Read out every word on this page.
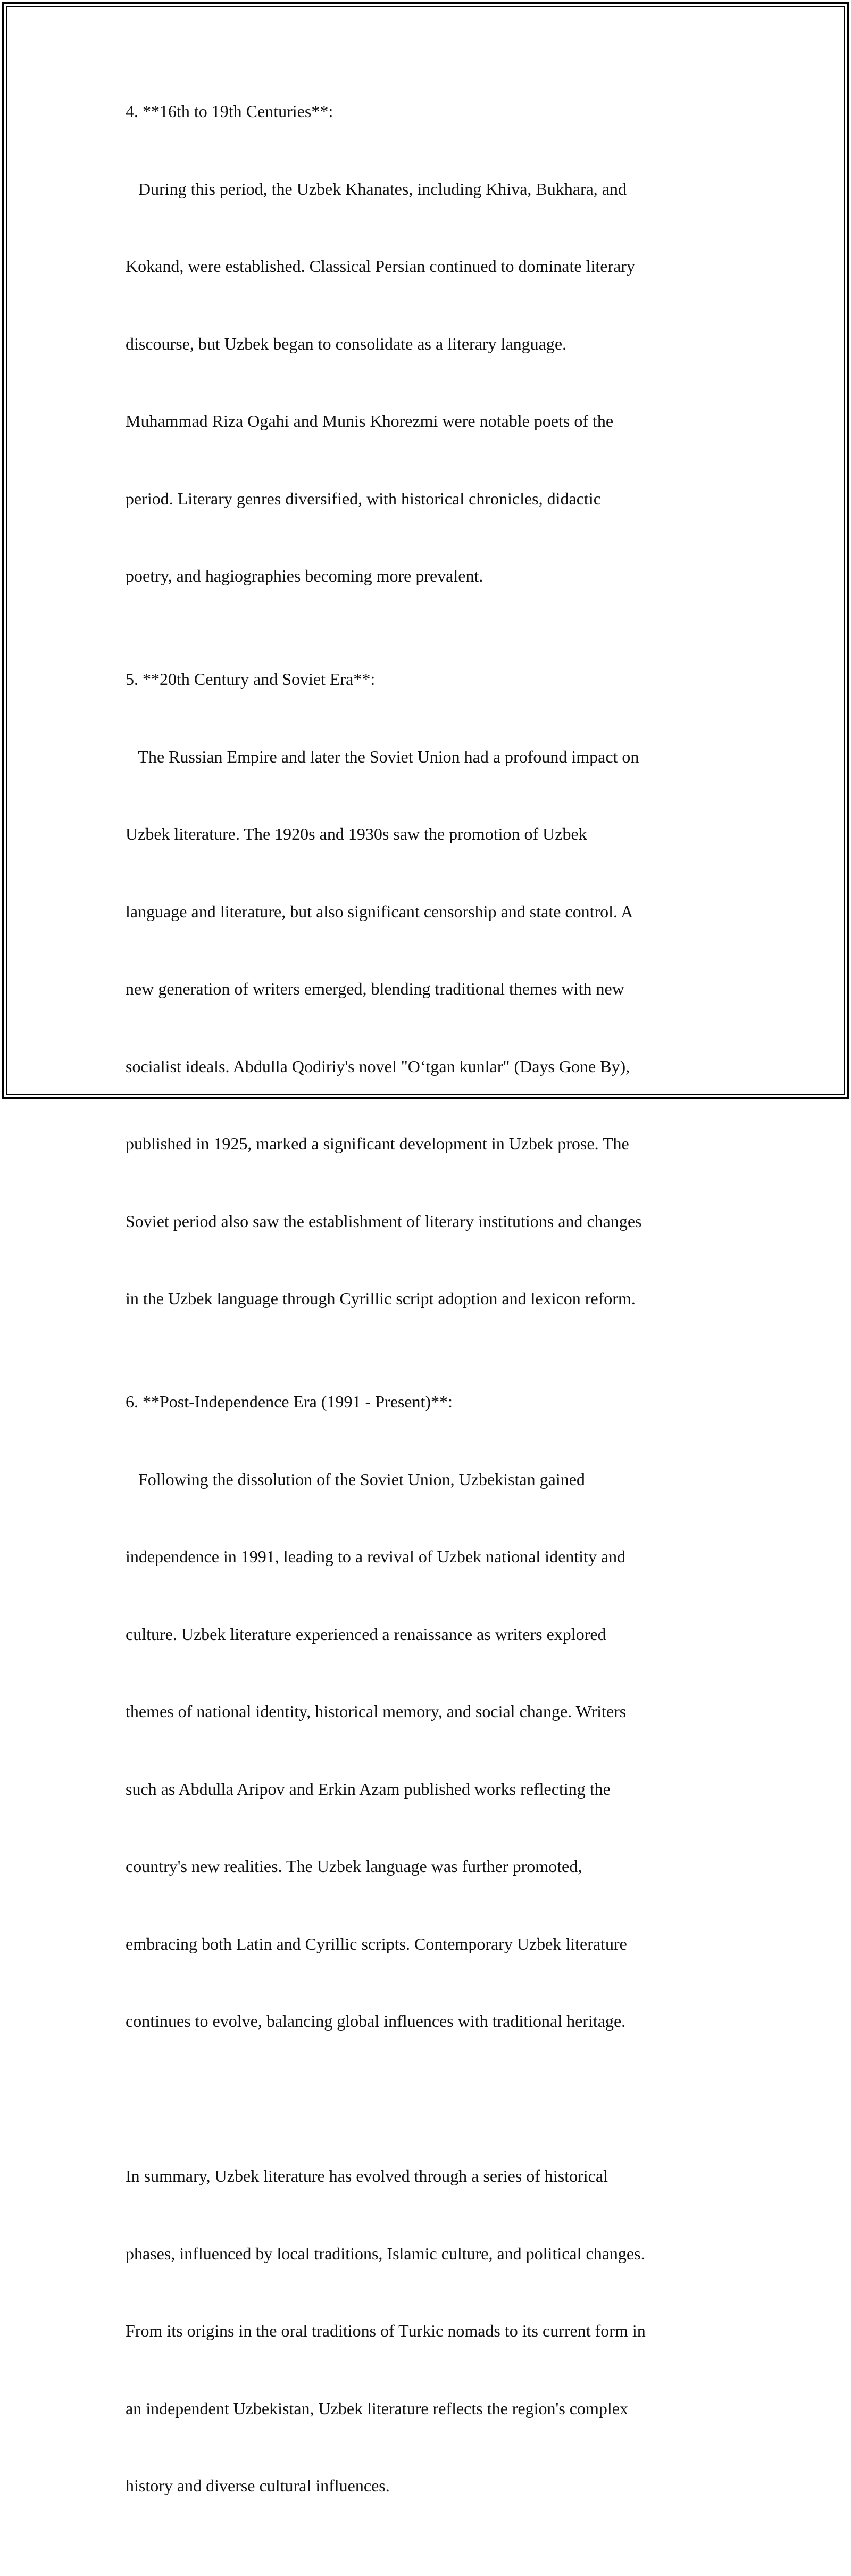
4. **16th to 19th Centuries**:

During this period, the Uzbek Khanates, including Khiva, Bukhara, and

Kokand, were established. Classical Persian continued to dominate literary

discourse, but Uzbek began to consolidate as a literary language.

Muhammad Riza Ogahi and Munis Khorezmi were notable poets of the

period. Literary genres diversified, with historical chronicles, didactic

poetry, and hagiographies becoming more prevalent.

5. **20th Century and Soviet Era**:

The Russian Empire and later the Soviet Union had a profound impact on

Uzbek literature. The 1920s and 1930s saw the promotion of Uzbek

language and literature, but also significant censorship and state control. A

new generation of writers emerged, blending traditional themes with new

socialist ideals. Abdulla Qodiriy's novel "O‘tgan kunlar" (Days Gone By),

published in 1925, marked a significant development in Uzbek prose. The

Soviet period also saw the establishment of literary institutions and changes

in the Uzbek language through Cyrillic script adoption and lexicon reform.

6. **Post-Independence Era (1991 - Present)**:

Following the dissolution of the Soviet Union, Uzbekistan gained

independence in 1991, leading to a revival of Uzbek national identity and

culture. Uzbek literature experienced a renaissance as writers explored

themes of national identity, historical memory, and social change. Writers

such as Abdulla Aripov and Erkin Azam published works reflecting the

country's new realities. The Uzbek language was further promoted,

embracing both Latin and Cyrillic scripts. Contemporary Uzbek literature

continues to evolve, balancing global influences with traditional heritage.

In summary, Uzbek literature has evolved through a series of historical

phases, influenced by local traditions, Islamic culture, and political changes.

From its origins in the oral traditions of Turkic nomads to its current form in

an independent Uzbekistan, Uzbek literature reflects the region's complex

history and diverse cultural influences.
